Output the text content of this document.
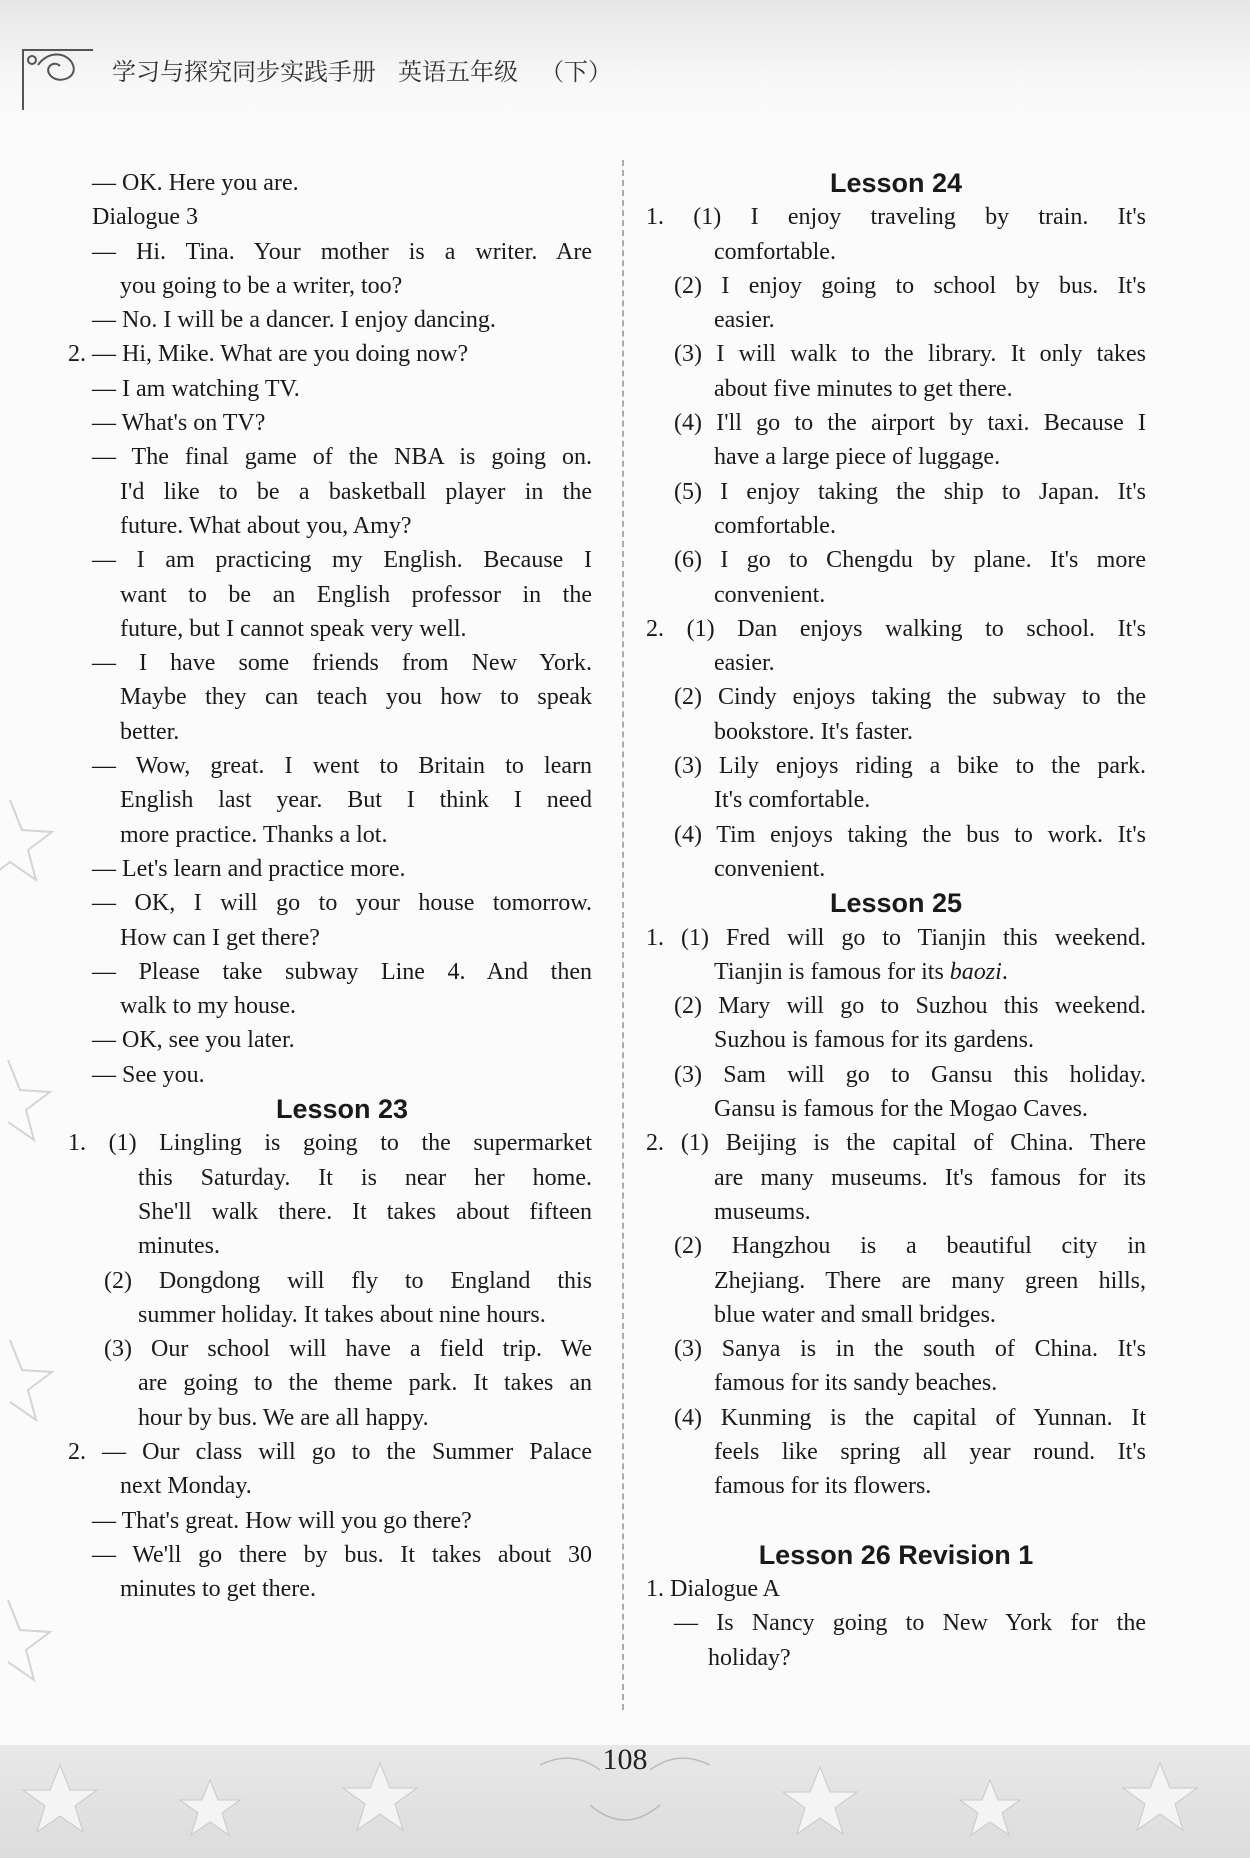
学习与探究同步实践手册 英语五年级 （下）
— OK. Here you are.
Dialogue 3
— Hi. Tina. Your mother is a writer. Are
you going to be a writer, too?
— No. I will be a dancer. I enjoy dancing.
2. — Hi, Mike. What are you doing now?
— I am watching TV.
— What's on TV?
— The final game of the NBA is going on.
I'd like to be a basketball player in the
future. What about you, Amy?
— I am practicing my English. Because I
want to be an English professor in the
future, but I cannot speak very well.
— I have some friends from New York.
Maybe they can teach you how to speak
better.
— Wow, great. I went to Britain to learn
English last year. But I think I need
more practice. Thanks a lot.
— Let's learn and practice more.
— OK, I will go to your house tomorrow.
How can I get there?
— Please take subway Line 4. And then
walk to my house.
— OK, see you later.
— See you.
Lesson 23
1. (1) Lingling is going to the supermarket
this Saturday. It is near her home.
She'll walk there. It takes about fifteen
minutes.
(2) Dongdong will fly to England this
summer holiday. It takes about nine hours.
(3) Our school will have a field trip. We
are going to the theme park. It takes an
hour by bus. We are all happy.
2. — Our class will go to the Summer Palace
next Monday.
— That's great. How will you go there?
— We'll go there by bus. It takes about 30
minutes to get there.
Lesson 24
1. (1) I enjoy traveling by train. It's
comfortable.
(2) I enjoy going to school by bus. It's
easier.
(3) I will walk to the library. It only takes
about five minutes to get there.
(4) I'll go to the airport by taxi. Because I
have a large piece of luggage.
(5) I enjoy taking the ship to Japan. It's
comfortable.
(6) I go to Chengdu by plane. It's more
convenient.
2. (1) Dan enjoys walking to school. It's
easier.
(2) Cindy enjoys taking the subway to the
bookstore. It's faster.
(3) Lily enjoys riding a bike to the park.
It's comfortable.
(4) Tim enjoys taking the bus to work. It's
convenient.
Lesson 25
1. (1) Fred will go to Tianjin this weekend.
Tianjin is famous for its baozi.
(2) Mary will go to Suzhou this weekend.
Suzhou is famous for its gardens.
(3) Sam will go to Gansu this holiday.
Gansu is famous for the Mogao Caves.
2. (1) Beijing is the capital of China. There
are many museums. It's famous for its
museums.
(2) Hangzhou is a beautiful city in
Zhejiang. There are many green hills,
blue water and small bridges.
(3) Sanya is in the south of China. It's
famous for its sandy beaches.
(4) Kunming is the capital of Yunnan. It
feels like spring all year round. It's
famous for its flowers.
Lesson 26 Revision 1
1. Dialogue A
— Is Nancy going to New York for the
holiday?
108
